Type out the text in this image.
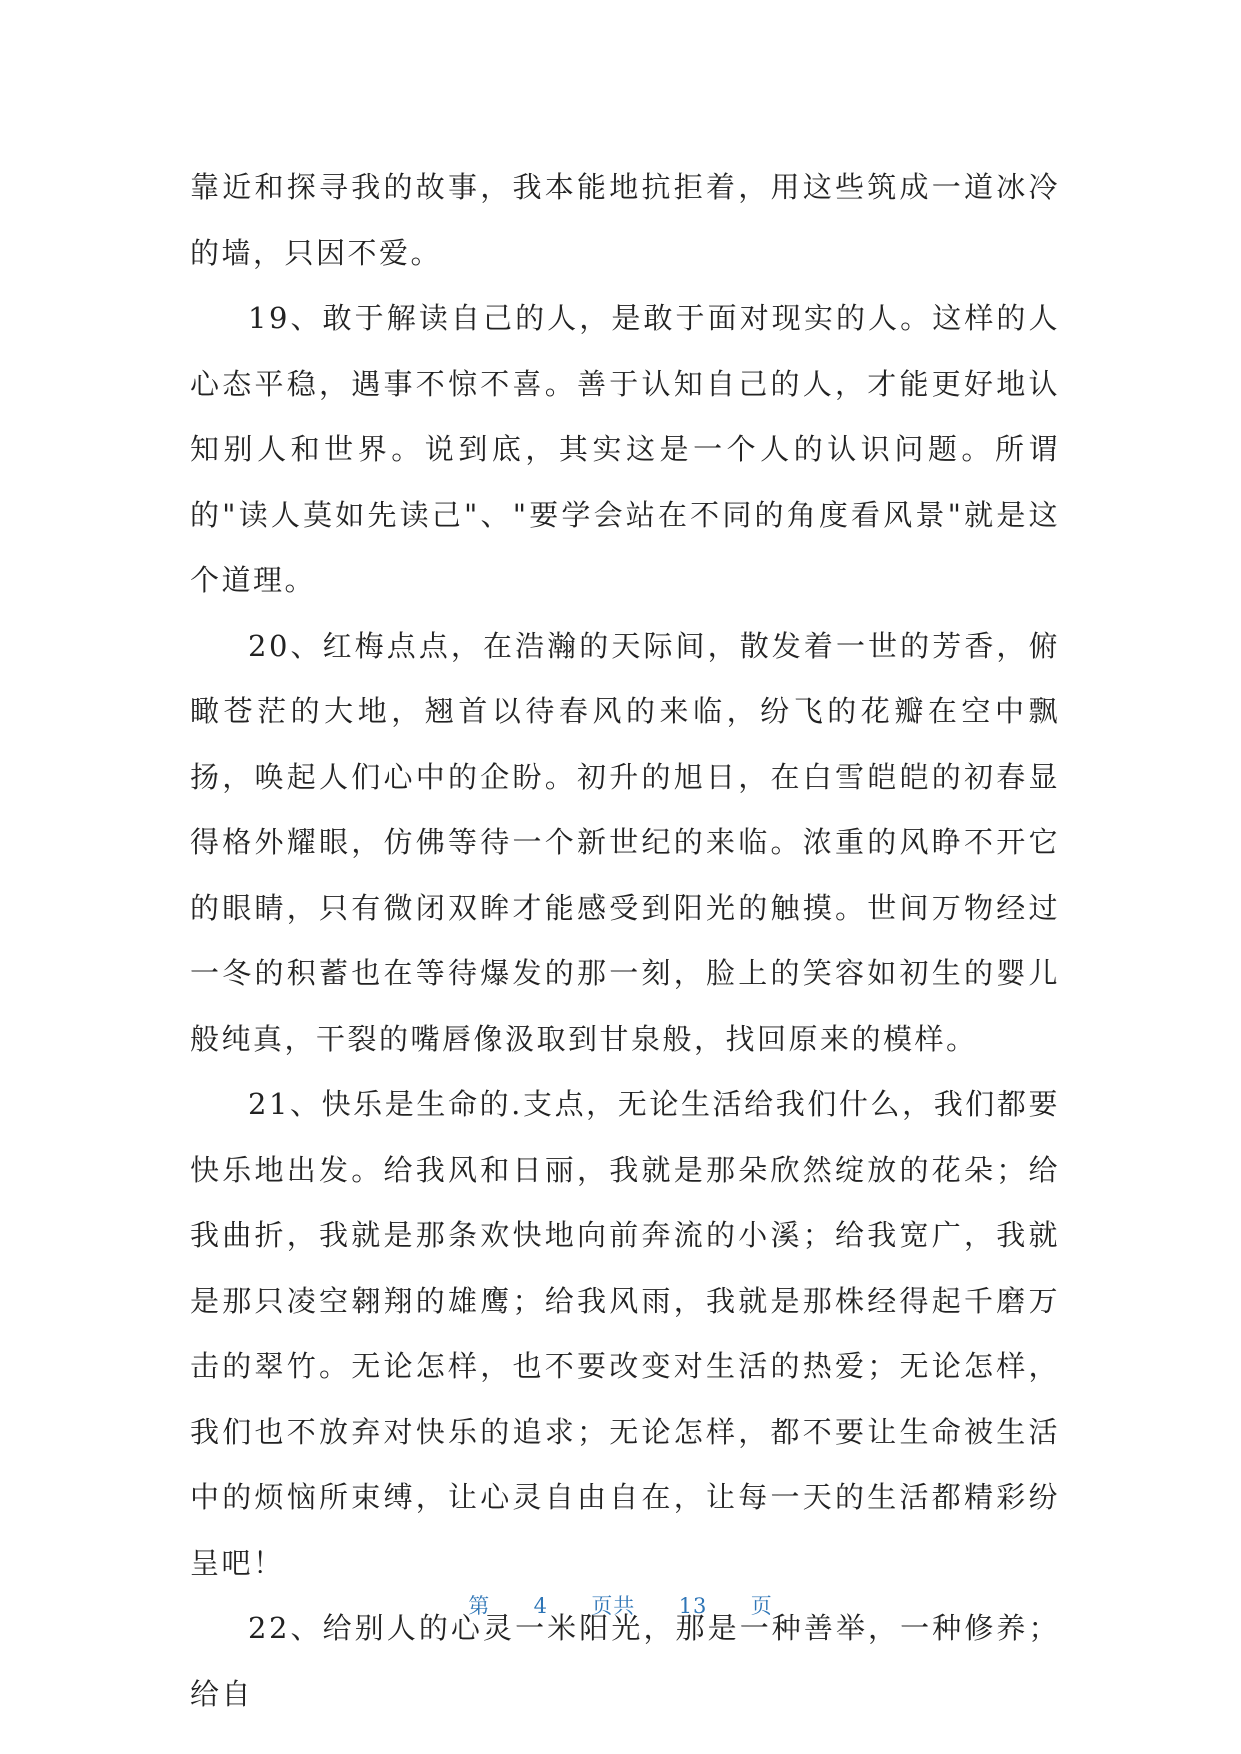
靠近和探寻我的故事，我本能地抗拒着，用这些筑成一道冰冷的墙，只因不爱。

19、敢于解读自己的人，是敢于面对现实的人。这样的人心态平稳，遇事不惊不喜。善于认知自己的人，才能更好地认知别人和世界。说到底，其实这是一个人的认识问题。所谓的"读人莫如先读己"、"要学会站在不同的角度看风景"就是这个道理。

20、红梅点点，在浩瀚的天际间，散发着一世的芳香，俯瞰苍茫的大地，翘首以待春风的来临，纷飞的花瓣在空中飘扬，唤起人们心中的企盼。初升的旭日，在白雪皑皑的初春显得格外耀眼，仿佛等待一个新世纪的来临。浓重的风睁不开它的眼睛，只有微闭双眸才能感受到阳光的触摸。世间万物经过一冬的积蓄也在等待爆发的那一刻，脸上的笑容如初生的婴儿般纯真，干裂的嘴唇像汲取到甘泉般，找回原来的模样。

21、快乐是生命的.支点，无论生活给我们什么，我们都要快乐地出发。给我风和日丽，我就是那朵欣然绽放的花朵；给我曲折，我就是那条欢快地向前奔流的小溪；给我宽广，我就是那只凌空翱翔的雄鹰；给我风雨，我就是那株经得起千磨万击的翠竹。无论怎样，也不要改变对生活的热爱；无论怎样，我们也不放弃对快乐的追求；无论怎样，都不要让生命被生活中的烦恼所束缚，让心灵自由自在，让每一天的生活都精彩纷呈吧！

22、给别人的心灵一米阳光，那是一种善举，一种修养；给自

第 4 页共 13 页
